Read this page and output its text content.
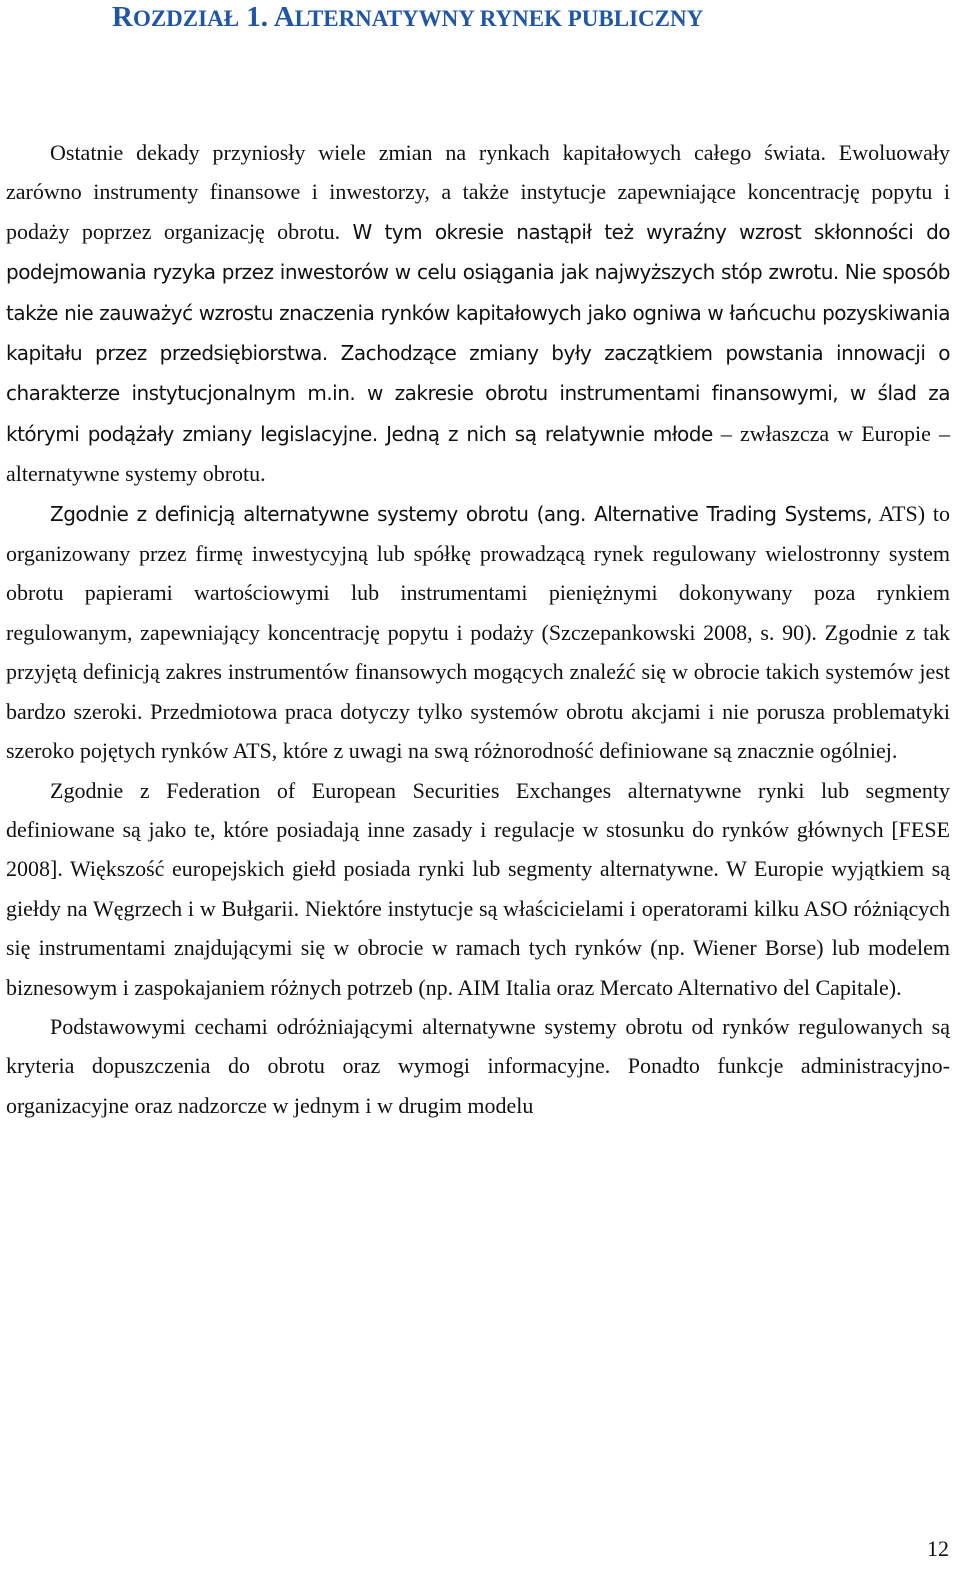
ROZDZIAŁ 1. ALTERNATYWNY RYNEK PUBLICZNY

Ostatnie dekady przyniosły wiele zmian na rynkach kapitałowych całego świata. Ewoluowały zarówno instrumenty finansowe i inwestorzy, a także instytucje zapewniające koncentrację popytu i podaży poprzez organizację obrotu. W tym okresie nastąpił też wyraźny wzrost skłonności do podejmowania ryzyka przez inwestorów w celu osiągania jak najwyższych stóp zwrotu. Nie sposób także nie zauważyć wzrostu znaczenia rynków kapitałowych jako ogniwa w łańcuchu pozyskiwania kapitału przez przedsiębiorstwa. Zachodzące zmiany były zaczątkiem powstania innowacji o charakterze instytucjonalnym m.in. w zakresie obrotu instrumentami finansowymi, w ślad za którymi podążały zmiany legislacyjne. Jedną z nich są relatywnie młode – zwłaszcza w Europie – alternatywne systemy obrotu.

Zgodnie z definicją alternatywne systemy obrotu (ang. Alternative Trading Systems, ATS) to organizowany przez firmę inwestycyjną lub spółkę prowadzącą rynek regulowany wielostronny system obrotu papierami wartościowymi lub instrumentami pieniężnymi dokonywany poza rynkiem regulowanym, zapewniający koncentrację popytu i podaży (Szczepankowski 2008, s. 90). Zgodnie z tak przyjętą definicją zakres instrumentów finansowych mogących znaleźć się w obrocie takich systemów jest bardzo szeroki. Przedmiotowa praca dotyczy tylko systemów obrotu akcjami i nie porusza problematyki szeroko pojętych rynków ATS, które z uwagi na swą różnorodność definiowane są znacznie ogólniej.

Zgodnie z Federation of European Securities Exchanges alternatywne rynki lub segmenty definiowane są jako te, które posiadają inne zasady i regulacje w stosunku do rynków głównych [FESE 2008]. Większość europejskich giełd posiada rynki lub segmenty alternatywne. W Europie wyjątkiem są giełdy na Węgrzech i w Bułgarii. Niektóre instytucje są właścicielami i operatorami kilku ASO różniących się instrumentami znajdującymi się w obrocie w ramach tych rynków (np. Wiener Borse) lub modelem biznesowym i zaspokajaniem różnych potrzeb (np. AIM Italia oraz Mercato Alternativo del Capitale).

Podstawowymi cechami odróżniającymi alternatywne systemy obrotu od rynków regulowanych są kryteria dopuszczenia do obrotu oraz wymogi informacyjne. Ponadto funkcje administracyjno-organizacyjne oraz nadzorcze w jednym i w drugim modelu

12
